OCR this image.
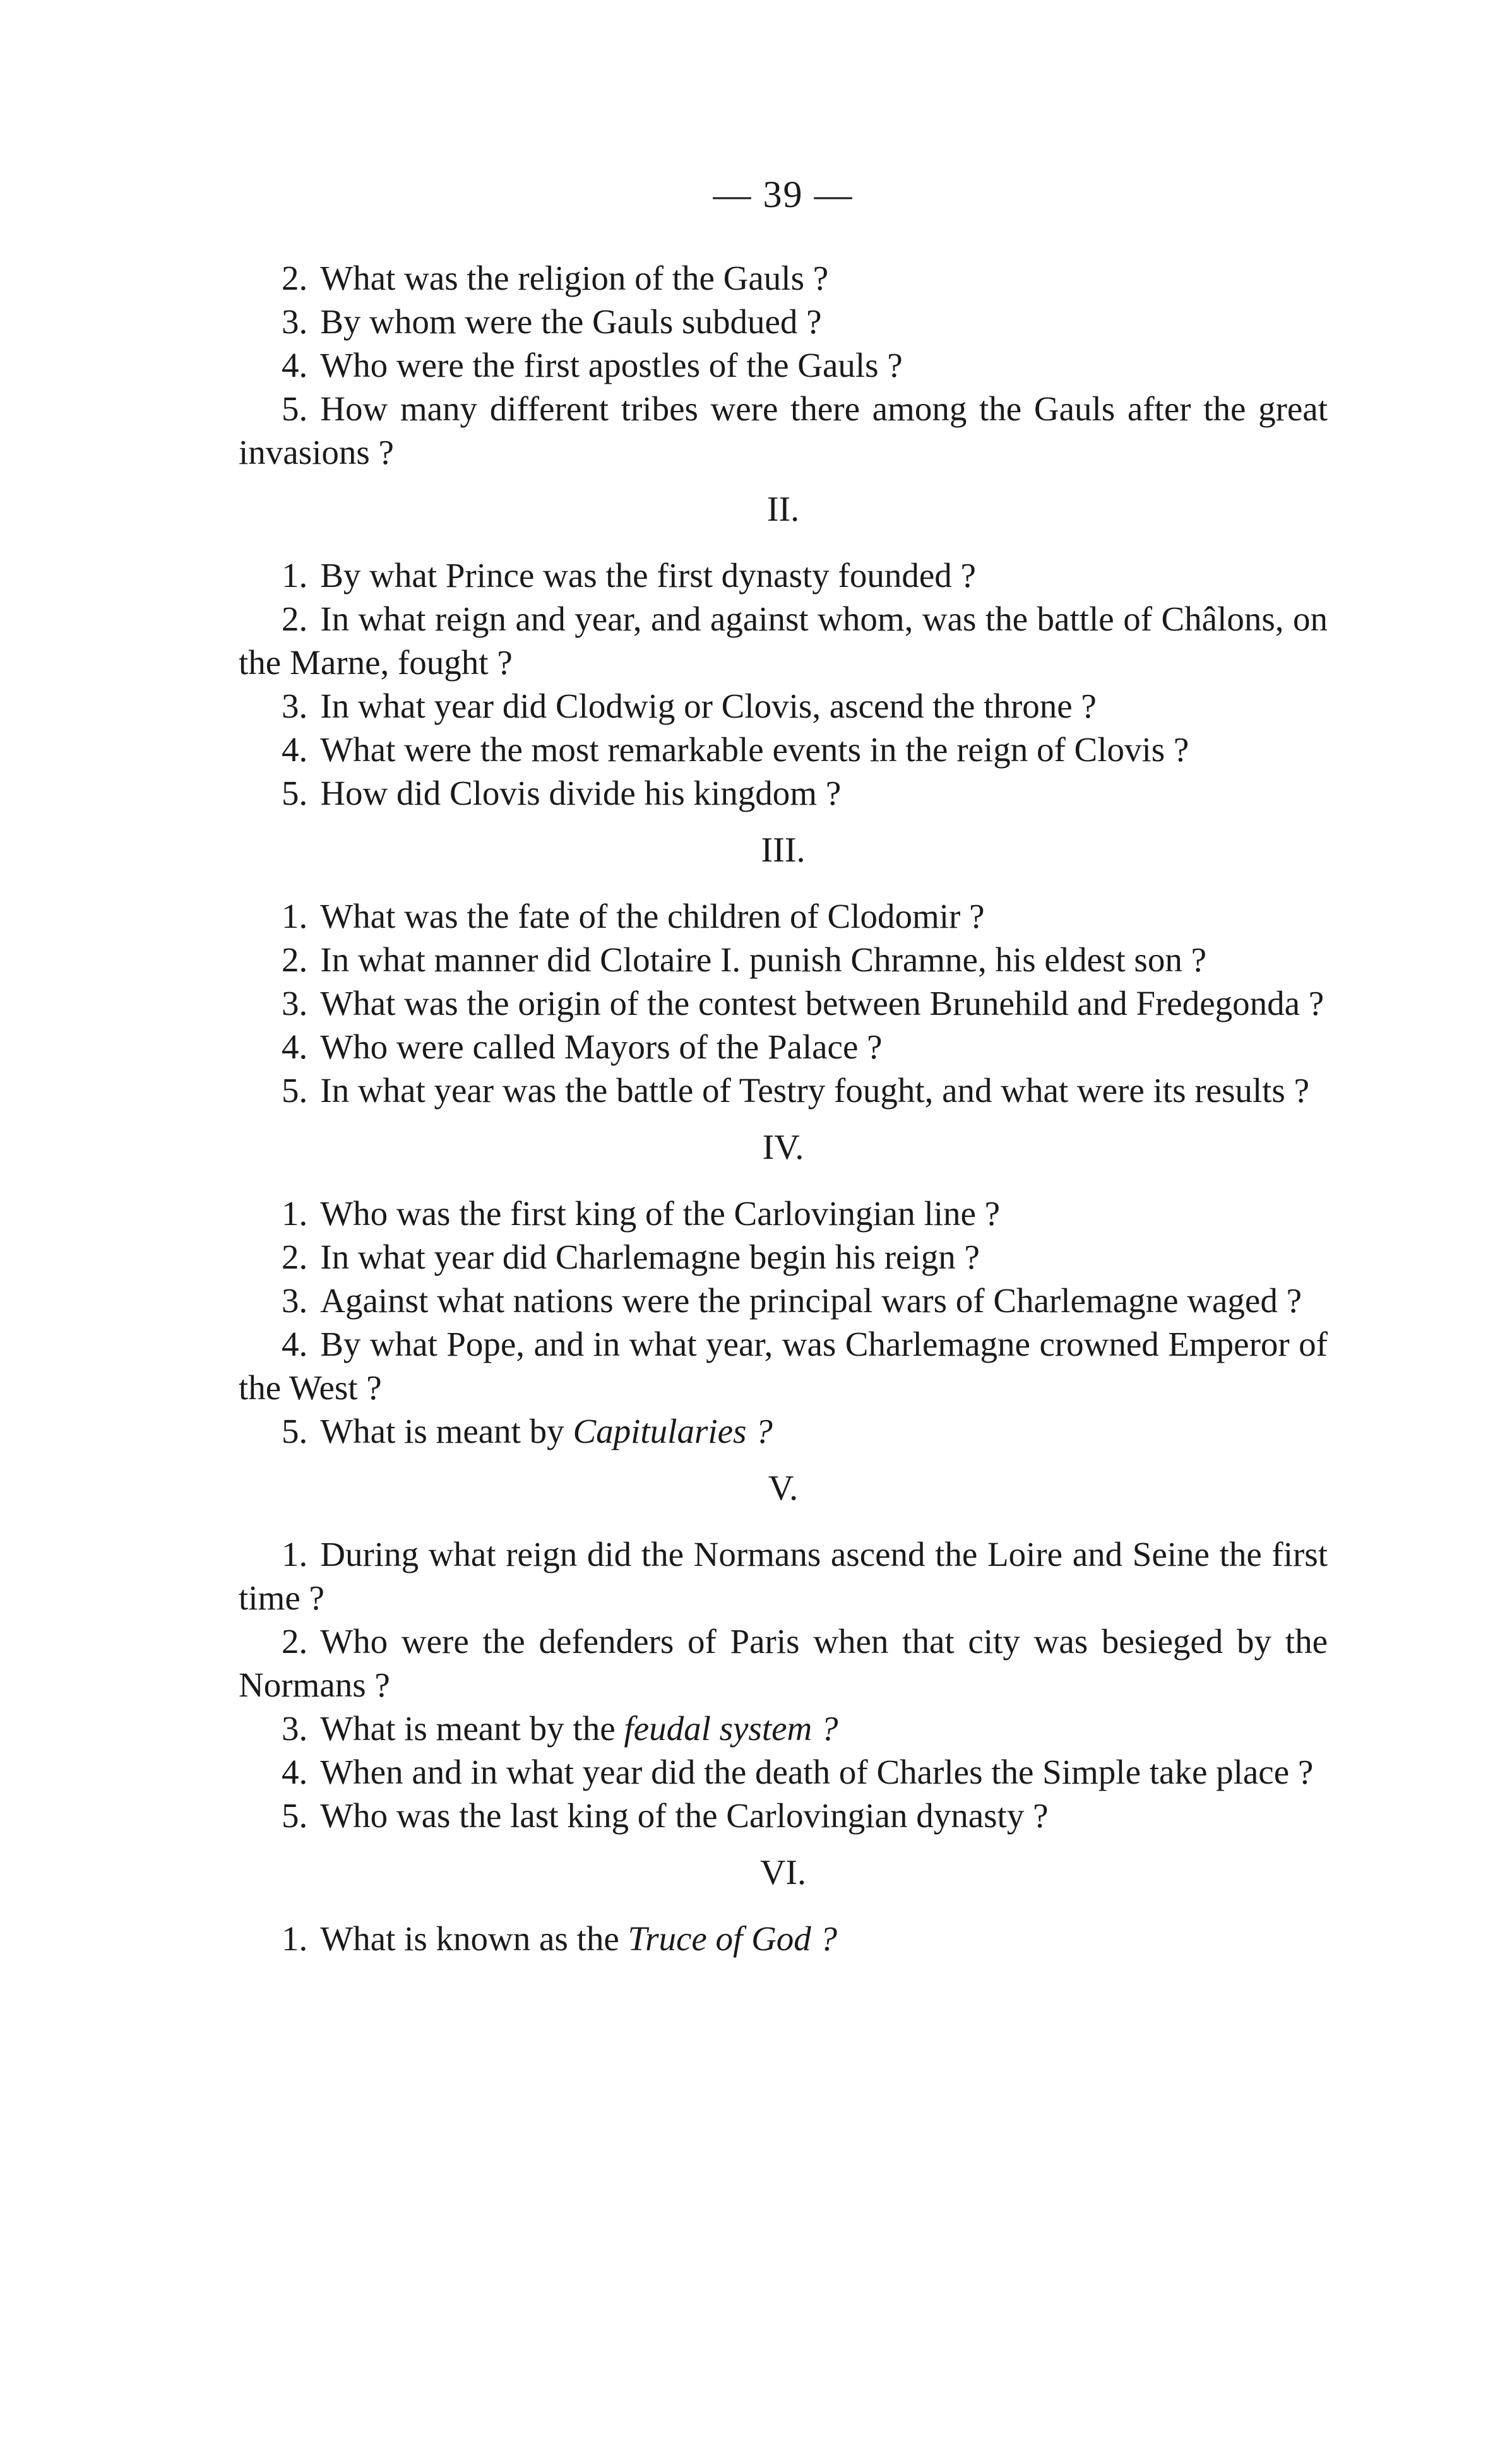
— 39 —

2. What was the religion of the Gauls ?

3. By whom were the Gauls subdued ?

4. Who were the first apostles of the Gauls ?

5. How many different tribes were there among the Gauls after the great invasions ?

II.

1. By what Prince was the first dynasty founded ?

2. In what reign and year, and against whom, was the battle of Châlons, on the Marne, fought ?

3. In what year did Clodwig or Clovis, ascend the throne ?

4. What were the most remarkable events in the reign of Clovis ?

5. How did Clovis divide his kingdom ?

III.

1. What was the fate of the children of Clodomir ?

2. In what manner did Clotaire I. punish Chramne, his eldest son ?

3. What was the origin of the contest between Brunehild and Fredegonda ?

4. Who were called Mayors of the Palace ?

5. In what year was the battle of Testry fought, and what were its results ?

IV.

1. Who was the first king of the Carlovingian line ?

2. In what year did Charlemagne begin his reign ?

3. Against what nations were the principal wars of Charlemagne waged ?

4. By what Pope, and in what year, was Charlemagne crowned Emperor of the West ?

5. What is meant by Capitularies ?

V.

1. During what reign did the Normans ascend the Loire and Seine the first time ?

2. Who were the defenders of Paris when that city was besieged by the Normans ?

3. What is meant by the feudal system ?

4. When and in what year did the death of Charles the Simple take place ?

5. Who was the last king of the Carlovingian dynasty ?

VI.

1. What is known as the Truce of God ?
